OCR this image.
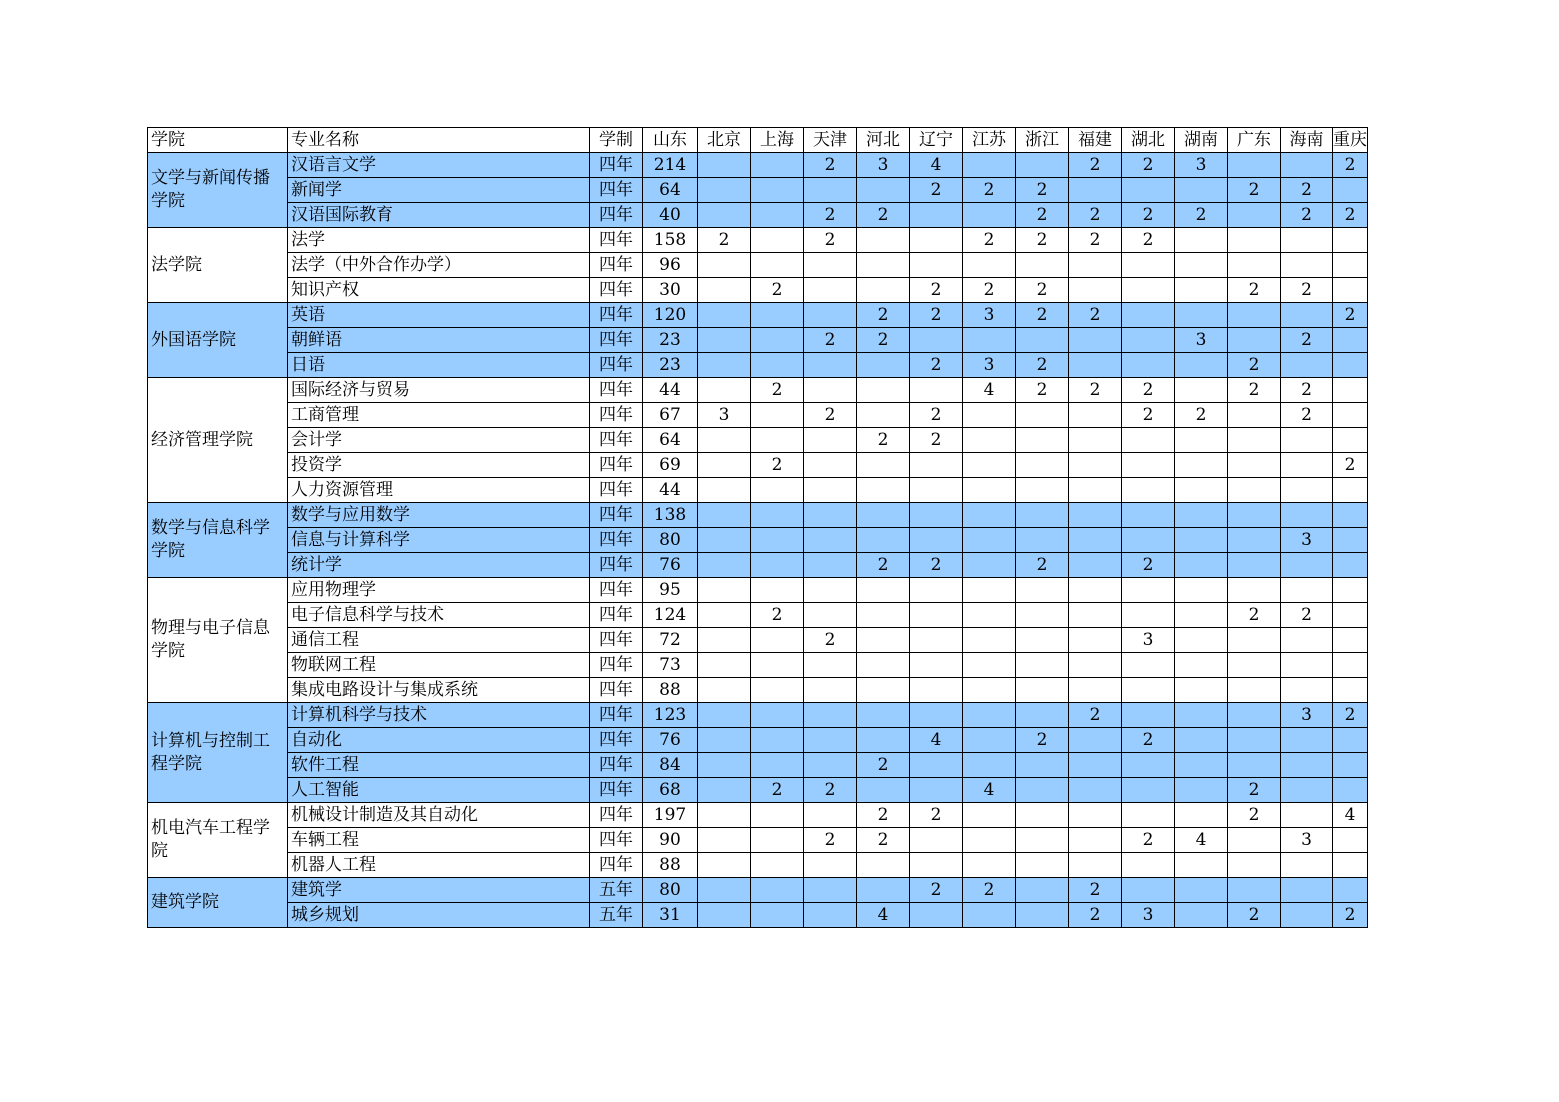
学院	专业名称	学制	山东	北京	上海	天津	河北	辽宁	江苏	浙江	福建	湖北	湖南	广东	海南	重庆
文学与新闻传播学院	汉语言文学	四年	214			2	3	4			2	2	3			2
	新闻学	四年	64					2	2	2				2	2	
	汉语国际教育	四年	40			2	2			2	2	2	2		2	2
法学院	法学	四年	158	2		2			2	2	2	2				
	法学（中外合作办学）	四年	96													
	知识产权	四年	30		2			2	2	2				2	2	
外国语学院	英语	四年	120				2	2	3	2	2					2
	朝鲜语	四年	23			2	2						3		2	
	日语	四年	23					2	3	2				2		
经济管理学院	国际经济与贸易	四年	44		2				4	2	2	2		2	2	
	工商管理	四年	67	3		2		2				2	2		2	
	会计学	四年	64				2	2								
	投资学	四年	69		2											2
	人力资源管理	四年	44													
数学与信息科学学院	数学与应用数学	四年	138													
	信息与计算科学	四年	80												3	
	统计学	四年	76				2	2		2		2				
物理与电子信息学院	应用物理学	四年	95													
	电子信息科学与技术	四年	124		2									2	2	
	通信工程	四年	72			2						3				
	物联网工程	四年	73													
	集成电路设计与集成系统	四年	88													
计算机与控制工程学院	计算机科学与技术	四年	123								2				3	2
	自动化	四年	76					4		2		2				
	软件工程	四年	84				2									
	人工智能	四年	68		2	2			4					2		
机电汽车工程学院	机械设计制造及其自动化	四年	197				2	2						2		4
	车辆工程	四年	90			2	2					2	4		3	
	机器人工程	四年	88													
建筑学院	建筑学	五年	80					2	2		2					
	城乡规划	五年	31				4				2	3		2		2
